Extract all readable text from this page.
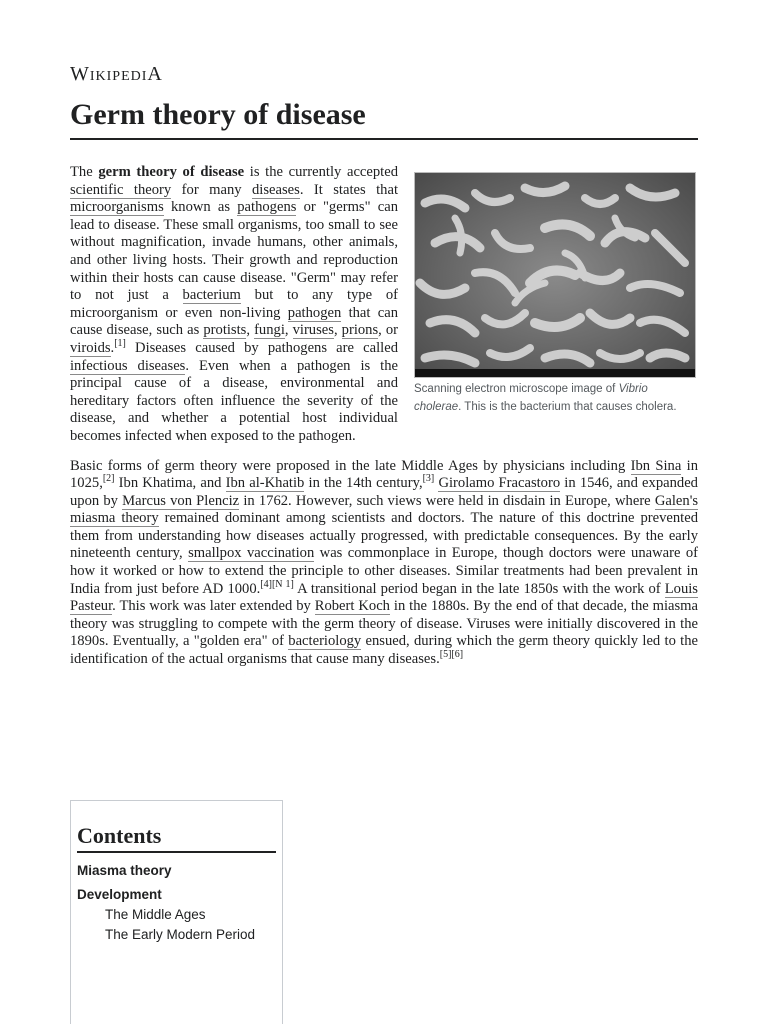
WikipediA
Germ theory of disease
Scanning electron microscope image of Vibrio cholerae. This is the bacterium that causes cholera.

The germ theory of disease is the currently accepted scientific theory for many diseases. It states that microorganisms known as pathogens or "germs" can lead to disease. These small organisms, too small to see without magnification, invade humans, other animals, and other living hosts. Their growth and reproduction within their hosts can cause disease. "Germ" may refer to not just a bacterium but to any type of microorganism or even non-living pathogen that can cause disease, such as protists, fungi, viruses, prions, or viroids.[1] Diseases caused by pathogens are called infectious diseases. Even when a pathogen is the principal cause of a disease, environmental and hereditary factors often influence the severity of the disease, and whether a potential host individual becomes infected when exposed to the pathogen.

Basic forms of germ theory were proposed in the late Middle Ages by physicians including Ibn Sina in 1025,[2] Ibn Khatima, and Ibn al-Khatib in the 14th century,[3] Girolamo Fracastoro in 1546, and expanded upon by Marcus von Plenciz in 1762. However, such views were held in disdain in Europe, where Galen's miasma theory remained dominant among scientists and doctors. The nature of this doctrine prevented them from understanding how diseases actually progressed, with predictable consequences. By the early nineteenth century, smallpox vaccination was commonplace in Europe, though doctors were unaware of how it worked or how to extend the principle to other diseases. Similar treatments had been prevalent in India from just before AD 1000.[4][N 1] A transitional period began in the late 1850s with the work of Louis Pasteur. This work was later extended by Robert Koch in the 1880s. By the end of that decade, the miasma theory was struggling to compete with the germ theory of disease. Viruses were initially discovered in the 1890s. Eventually, a "golden era" of bacteriology ensued, during which the germ theory quickly led to the identification of the actual organisms that cause many diseases.[5][6]

Contents
Miasma theory
Development
The Middle Ages
The Early Modern Period
